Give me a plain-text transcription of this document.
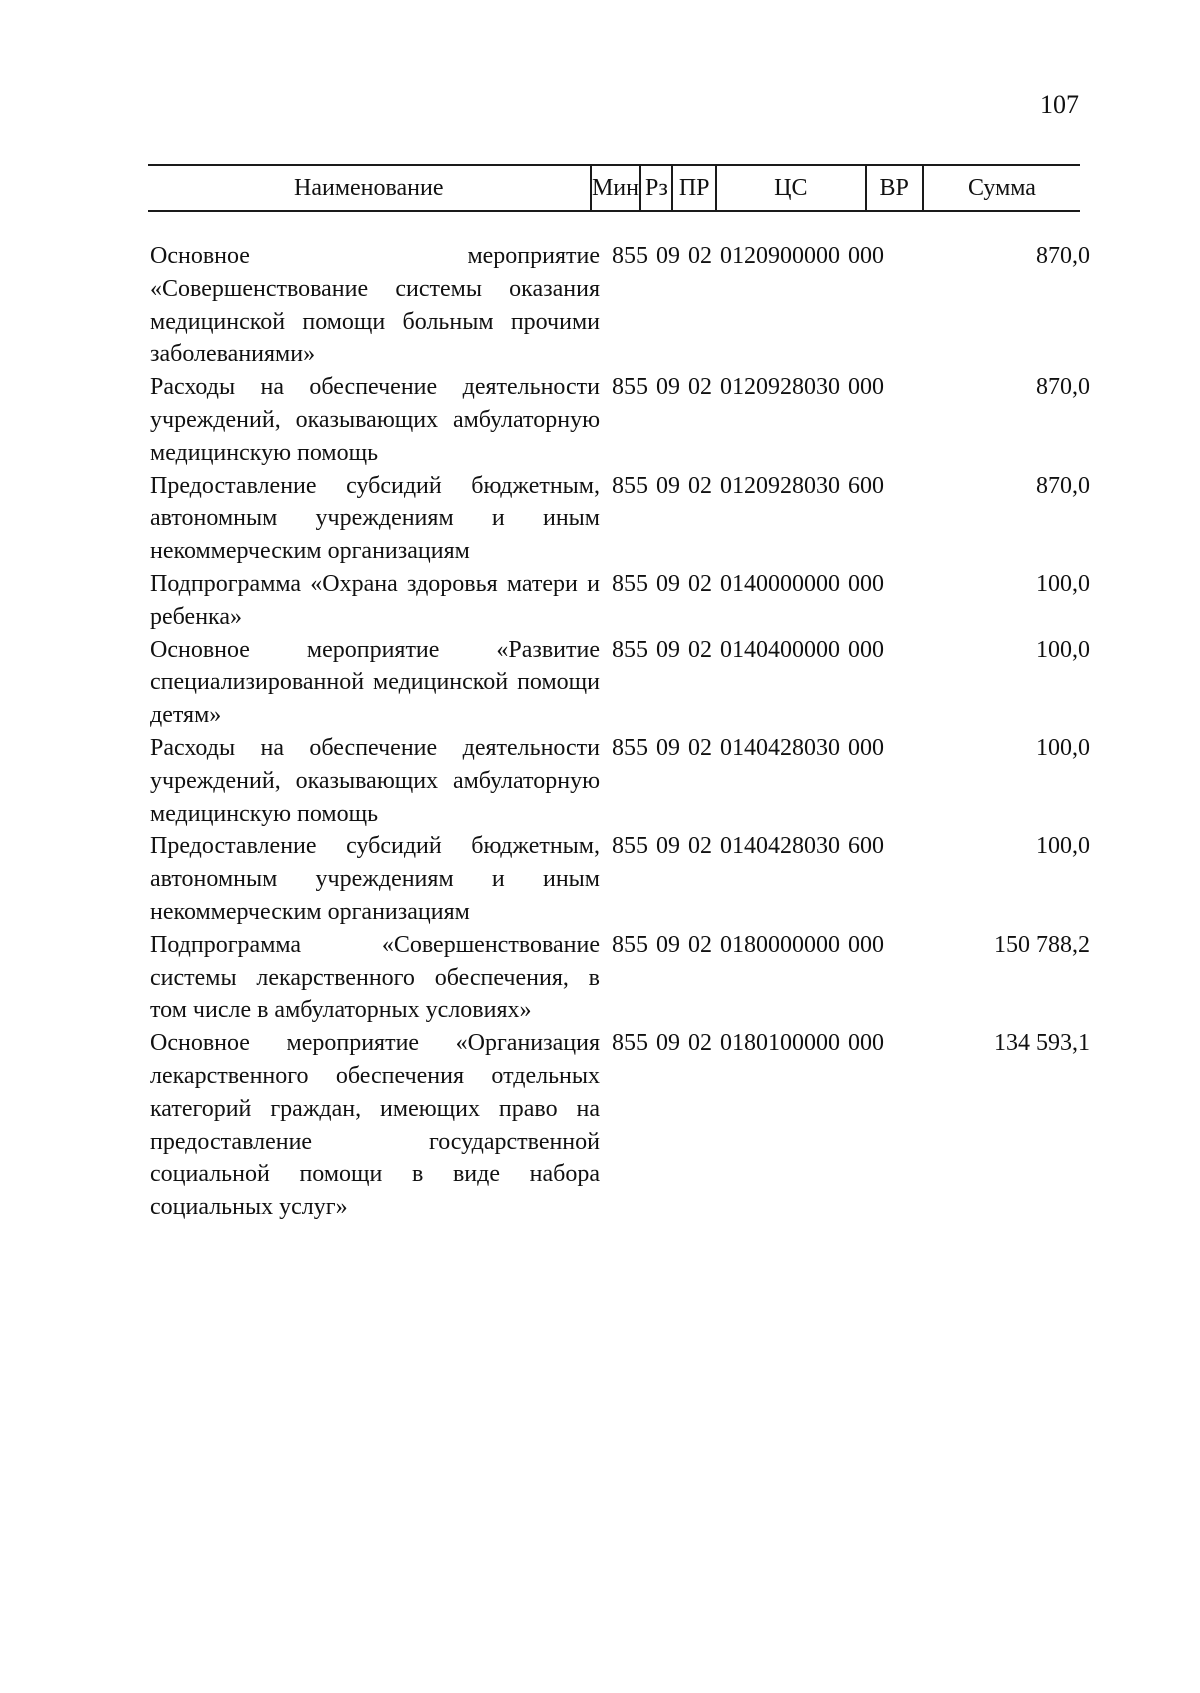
107
Наименование	Мин	Рз	ПР	ЦС	ВР	Сумма
Основное мероприятие «Совершенствование системы оказания медицинской помощи больным прочими заболеваниями»
855 09 02 0120900000 000	870,0
Расходы на обеспечение деятельности учреждений, оказывающих амбулаторную медицинскую помощь
855 09 02 0120928030 000	870,0
Предоставление субсидий бюджетным, автономным учреждениям и иным некоммерческим организациям
855 09 02 0120928030 600	870,0
Подпрограмма «Охрана здоровья матери и ребенка»
855 09 02 0140000000 000	100,0
Основное мероприятие «Развитие специализированной медицинской помощи детям»
855 09 02 0140400000 000	100,0
Расходы на обеспечение деятельности учреждений, оказывающих амбулаторную медицинскую помощь
855 09 02 0140428030 000	100,0
Предоставление субсидий бюджетным, автономным учреждениям и иным некоммерческим организациям
855 09 02 0140428030 600	100,0
Подпрограмма «Совершенствование системы лекарственного обеспечения, в том числе в амбулаторных условиях»
855 09 02 0180000000 000	150 788,2
Основное мероприятие «Организация лекарственного обеспечения отдельных категорий граждан, имеющих право на предоставление государственной социальной помощи в виде набора социальных услуг»
855 09 02 0180100000 000	134 593,1
